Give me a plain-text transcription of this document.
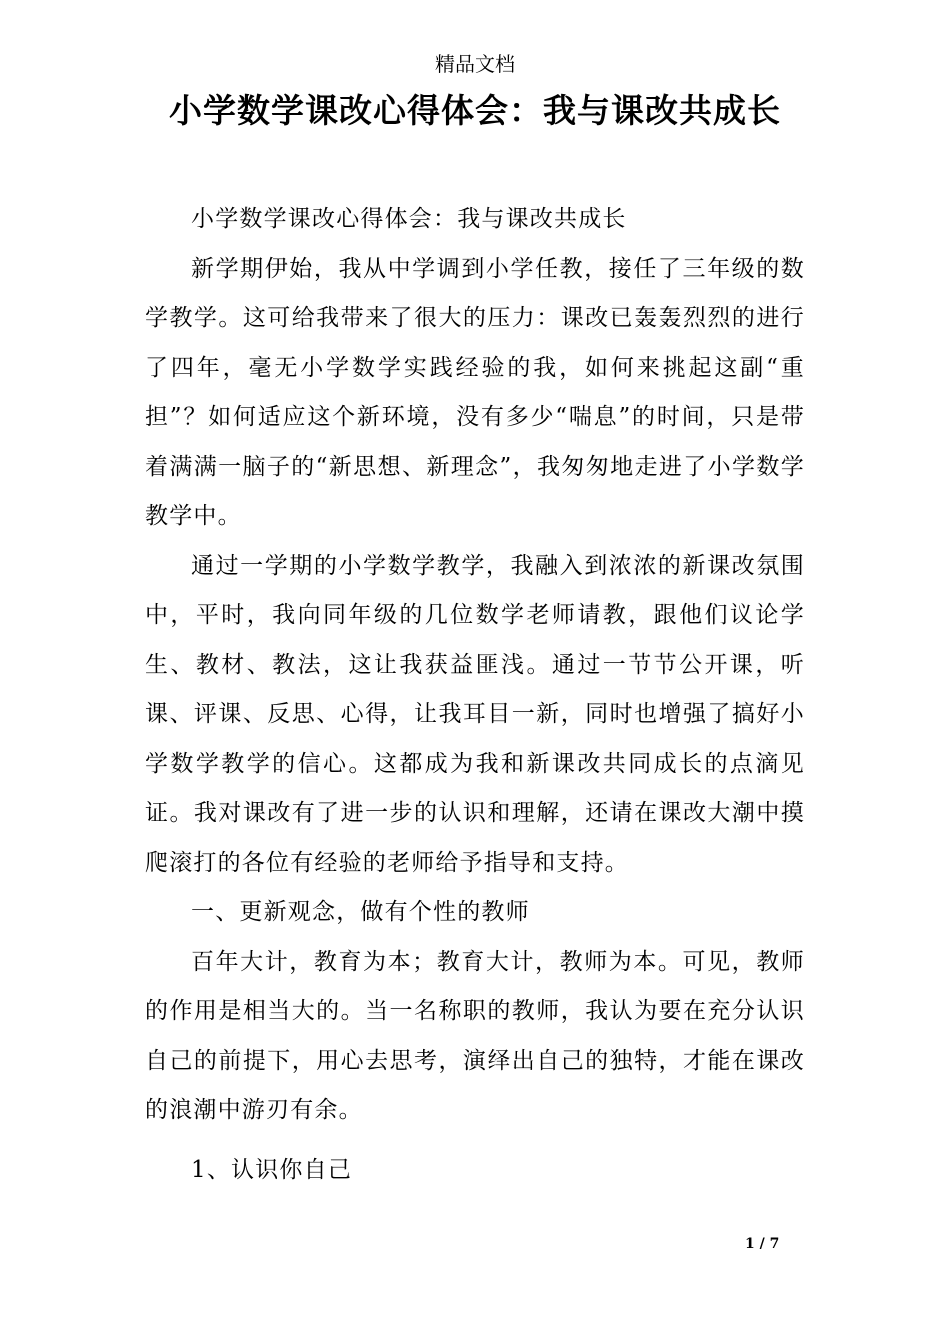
精品文档
小学数学课改心得体会：我与课改共成长

小学数学课改心得体会：我与课改共成长

新学期伊始，我从中学调到小学任教，接任了三年级的数学教学。这可给我带来了很大的压力：课改已轰轰烈烈的进行了四年，毫无小学数学实践经验的我，如何来挑起这副“重担”？如何适应这个新环境，没有多少“喘息”的时间，只是带着满满一脑子的“新思想、新理念”，我匆匆地走进了小学数学教学中。

通过一学期的小学数学教学，我融入到浓浓的新课改氛围中，平时，我向同年级的几位数学老师请教，跟他们议论学生、教材、教法，这让我获益匪浅。通过一节节公开课，听课、评课、反思、心得，让我耳目一新，同时也增强了搞好小学数学教学的信心。这都成为我和新课改共同成长的点滴见证。我对课改有了进一步的认识和理解，还请在课改大潮中摸爬滚打的各位有经验的老师给予指导和支持。

一、更新观念，做有个性的教师

百年大计，教育为本；教育大计，教师为本。可见，教师的作用是相当大的。当一名称职的教师，我认为要在充分认识自己的前提下，用心去思考，演绎出自己的独特，才能在课改的浪潮中游刃有余。

1、认识你自己

1 / 7
